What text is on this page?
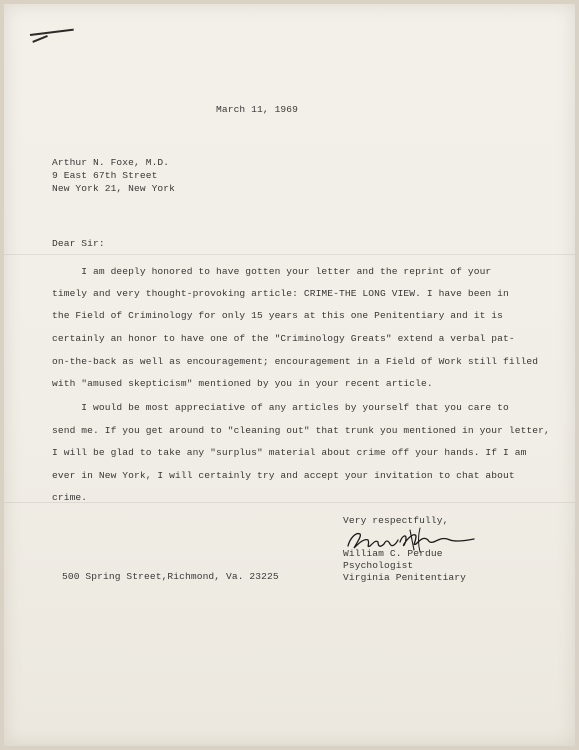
March 11, 1969
Arthur N. Foxe, M.D.
9 East 67th Street
New York 21, New York
Dear Sir:
I am deeply honored to have gotten your letter and the reprint of your
timely and very thought-provoking article: CRIME-THE LONG VIEW. I have been in
the Field of Criminology for only 15 years at this one Penitentiary and it is
certainly an honor to have one of the "Criminology Greats" extend a verbal pat-
on-the-back as well as encouragement; encouragement in a Field of Work still filled
with "amused skepticism" mentioned by you in your recent article.
I would be most appreciative of any articles by yourself that you care to
send me. If you get around to "cleaning out" that trunk you mentioned in your letter,
I will be glad to take any "surplus" material about crime off your hands. If I am
ever in New York, I will certainly try and accept your invitation to chat about
crime.
Very respectfully,
William C. Perdue
Psychologist
Virginia Penitentiary
500 Spring Street,Richmond, Va. 23225
